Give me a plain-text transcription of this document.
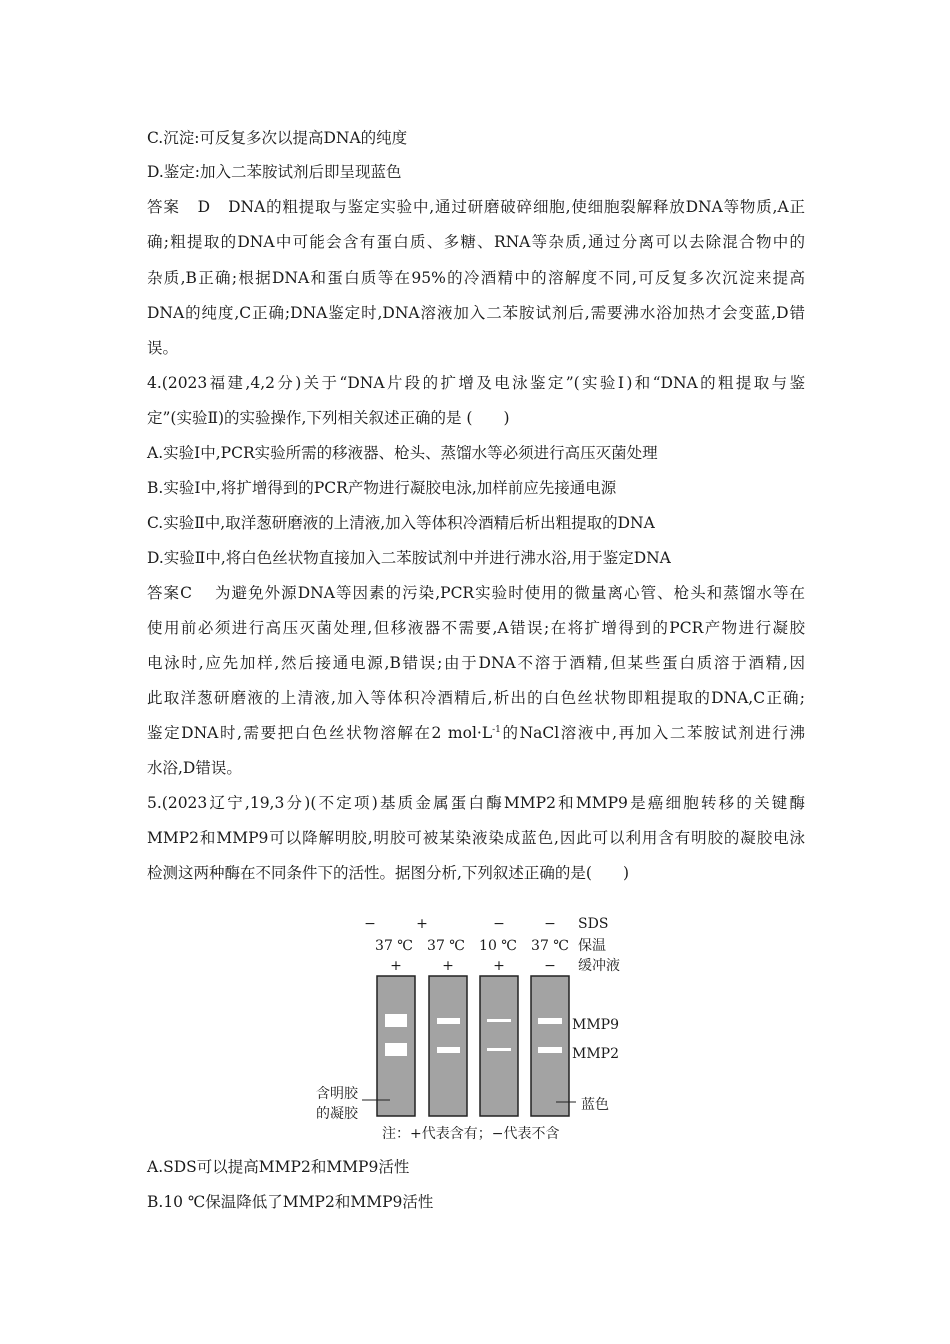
C.沉淀:可反复多次以提高DNA的纯度
D.鉴定:加入二苯胺试剂后即呈现蓝色
答案 D DNA的粗提取与鉴定实验中,通过研磨破碎细胞,使细胞裂解释放DNA等物质,A正
确;粗提取的DNA中可能会含有蛋白质、多糖、RNA等杂质,通过分离可以去除混合物中的
杂质,B正确;根据DNA和蛋白质等在95%的冷酒精中的溶解度不同,可反复多次沉淀来提高
DNA的纯度,C正确;DNA鉴定时,DNA溶液加入二苯胺试剂后,需要沸水浴加热才会变蓝,D错
误。
4.(2023福建,4,2分)关于“DNA片段的扩增及电泳鉴定”(实验Ⅰ)和“DNA的粗提取与鉴
定”(实验Ⅱ)的实验操作,下列相关叙述正确的是 (　　)
A.实验Ⅰ中,PCR实验所需的移液器、枪头、蒸馏水等必须进行高压灭菌处理
B.实验Ⅰ中,将扩增得到的PCR产物进行凝胶电泳,加样前应先接通电源
C.实验Ⅱ中,取洋葱研磨液的上清液,加入等体积冷酒精后析出粗提取的DNA
D.实验Ⅱ中,将白色丝状物直接加入二苯胺试剂中并进行沸水浴,用于鉴定DNA
答案C 为避免外源DNA等因素的污染,PCR实验时使用的微量离心管、枪头和蒸馏水等在
使用前必须进行高压灭菌处理,但移液器不需要,A错误;在将扩增得到的PCR产物进行凝胶
电泳时,应先加样,然后接通电源,B错误;由于DNA不溶于酒精,但某些蛋白质溶于酒精,因
此取洋葱研磨液的上清液,加入等体积冷酒精后,析出的白色丝状物即粗提取的DNA,C正确;
鉴定DNA时,需要把白色丝状物溶解在2 $mol\cdot L^{-1}$的NaCl溶液中,再加入二苯胺试剂进行沸
水浴,D错误。
5.(2023辽宁,19,3分)(不定项)基质金属蛋白酶MMP2和MMP9是癌细胞转移的关键酶
MMP2和MMP9可以降解明胶,明胶可被某染液染成蓝色,因此可以利用含有明胶的凝胶电泳
检测这两种酶在不同条件下的活性。据图分析,下列叙述正确的是(　　)
−	+	−	− SDS
37 ℃ 37 ℃ 10 ℃ 37 ℃ 保温
+	+	+	− 缓冲液
MMP9
MMP2
含明胶
的凝胶
蓝色
注：+代表含有；−代表不含
A.SDS可以提高MMP2和MMP9活性
B.10 ℃保温降低了MMP2和MMP9活性
